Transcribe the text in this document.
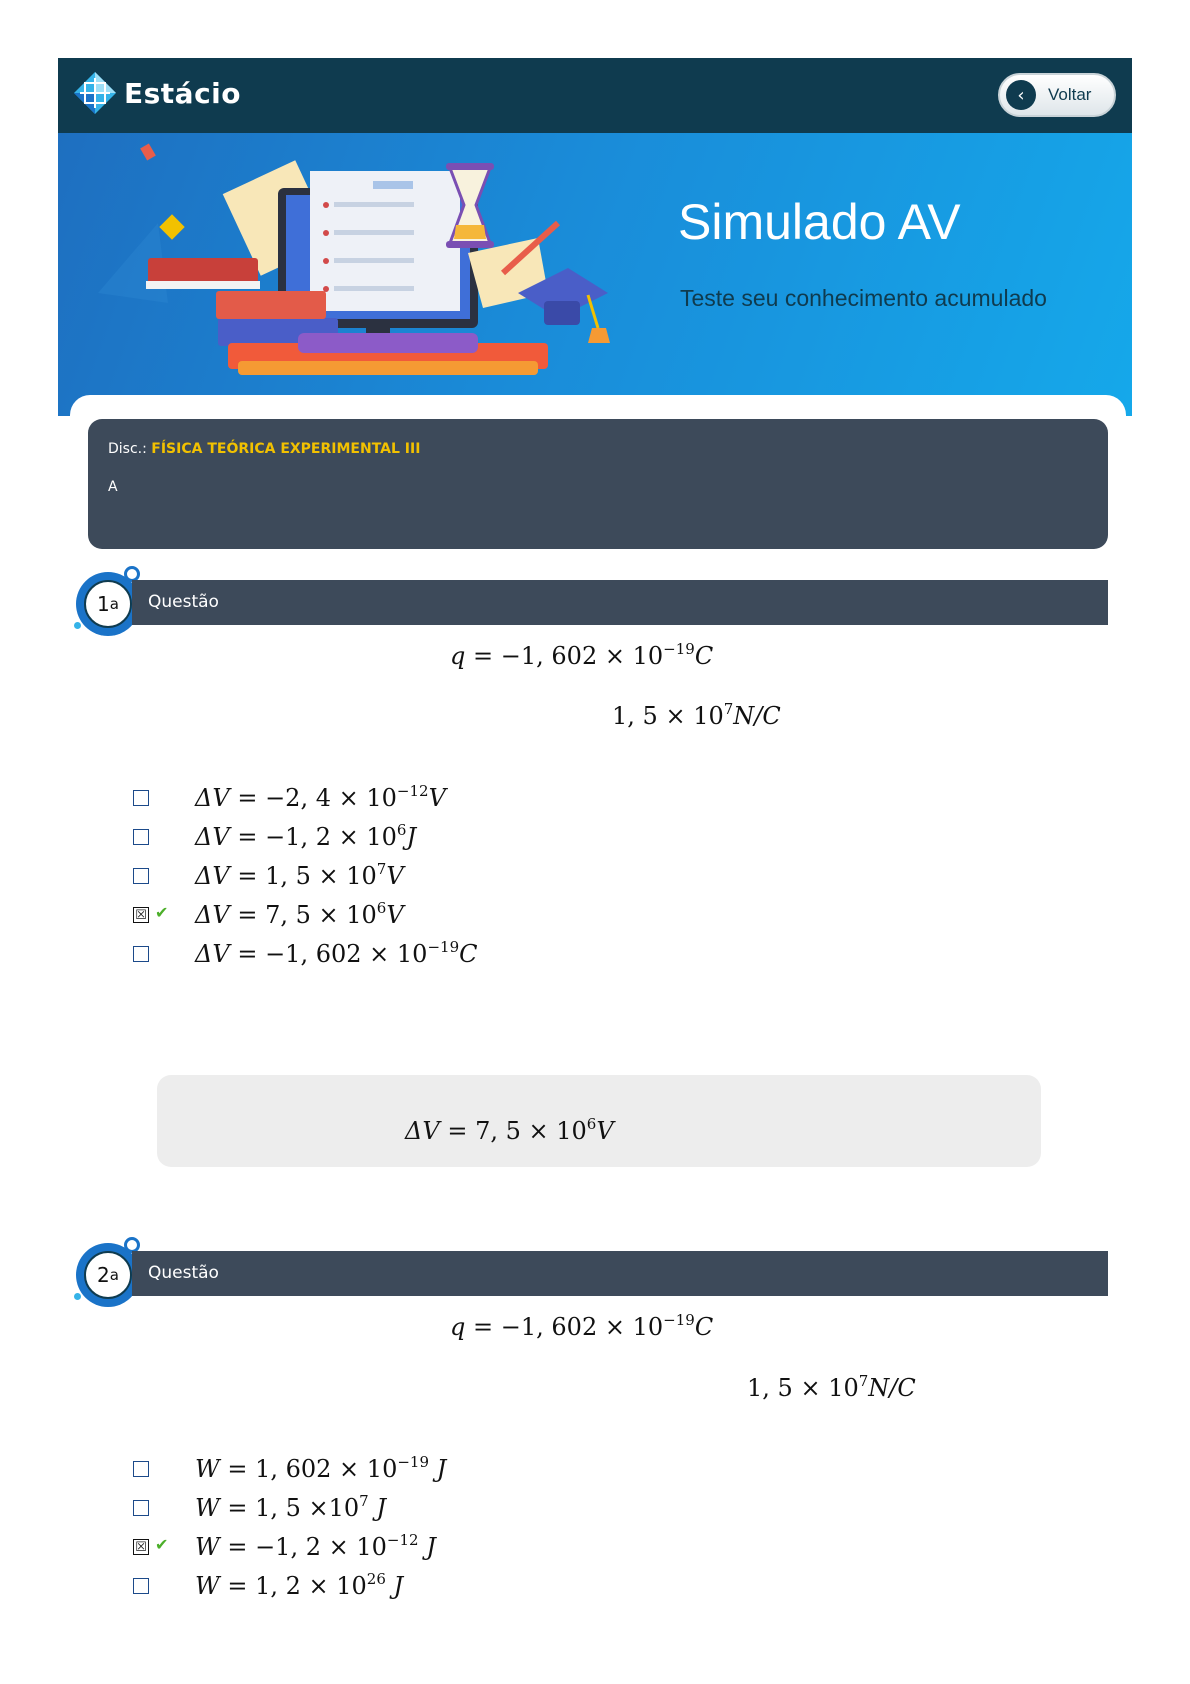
Estácio	‹	Voltar
Simulado AV
Teste seu conhecimento acumulado
Disc.: FÍSICA TEÓRICA EXPERIMENTAL III
A
1 a Questão
q = −1, $602 \times 10^{-19}C$
1, $5 \times 10^7N/C$
ΔV = −2, $4 \times 10^{-12}V$
ΔV = −1, $2 \times 10^6J$
ΔV = 1, $5 \times 10^7V$
☒ ✔ ΔV = 7, $5 \times 10^6V$
ΔV = −1, $602 \times 10^{-19}C$
ΔV = 7, $5 \times 10^6V$
2 a Questão
q = −1, $602 \times 10^{-19}C$
1, $5 \times 10^7N/C$
W = 1, $602 \times 10^{-19}$ J
W = 1, $5 \times 10^7$ J
☒ ✔ W = −1, $2 \times 10^{-12}$ J
W = 1, $2 \times 10^{26}$ J
